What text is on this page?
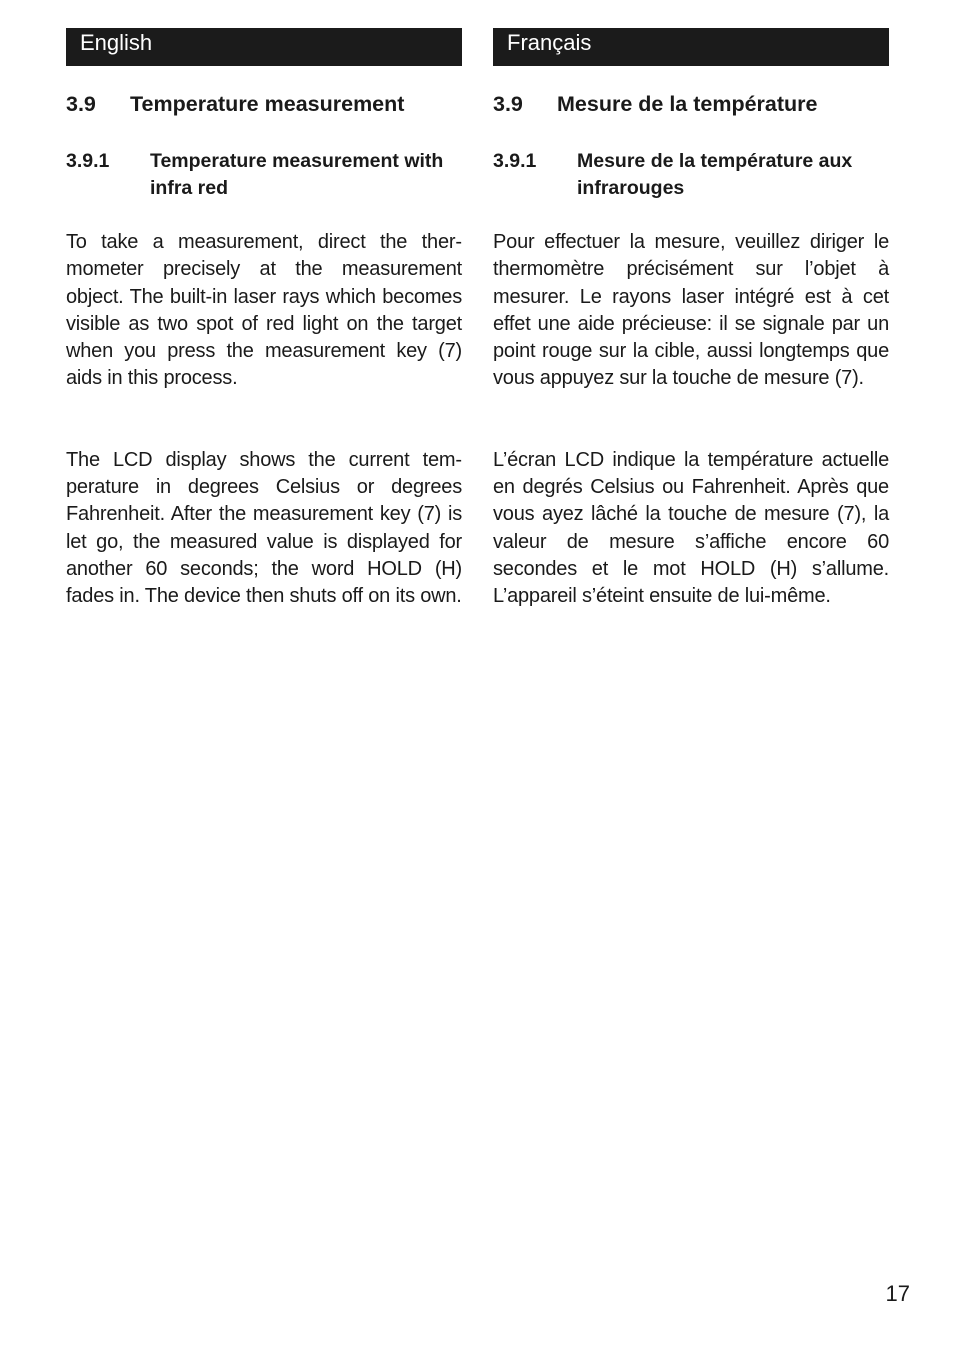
English
3.9	Temperature measurement
3.9.1	Temperature measurement with infra red

To take a measurement, direct the thermometer precisely at the measurement object. The built-in laser rays which becomes visible as two spot of red light on the target when you press the measurement key (7) aids in this process.

The LCD display shows the current temperature in degrees Celsius or degrees Fahrenheit. After the measurement key (7) is let go, the measured value is displayed for another 60 seconds; the word HOLD (H) fades in. The device then shuts off on its own.

Français
3.9	Mesure de la température
3.9.1	Mesure de la température aux infrarouges

Pour effectuer la mesure, veuillez diriger le thermomètre précisément sur l’objet à mesurer. Le rayons laser intégré est à cet effet une aide précieuse: il se signale par un point rouge sur la cible, aussi longtemps que vous appuyez sur la touche de mesure (7).

L’écran LCD indique la température actuelle en degrés Celsius ou Fahrenheit. Après que vous ayez lâché la touche de mesure (7), la valeur de mesure s’affiche encore 60 secondes et le mot HOLD (H) s’allume. L’appareil s’éteint ensuite de lui-même.

17
